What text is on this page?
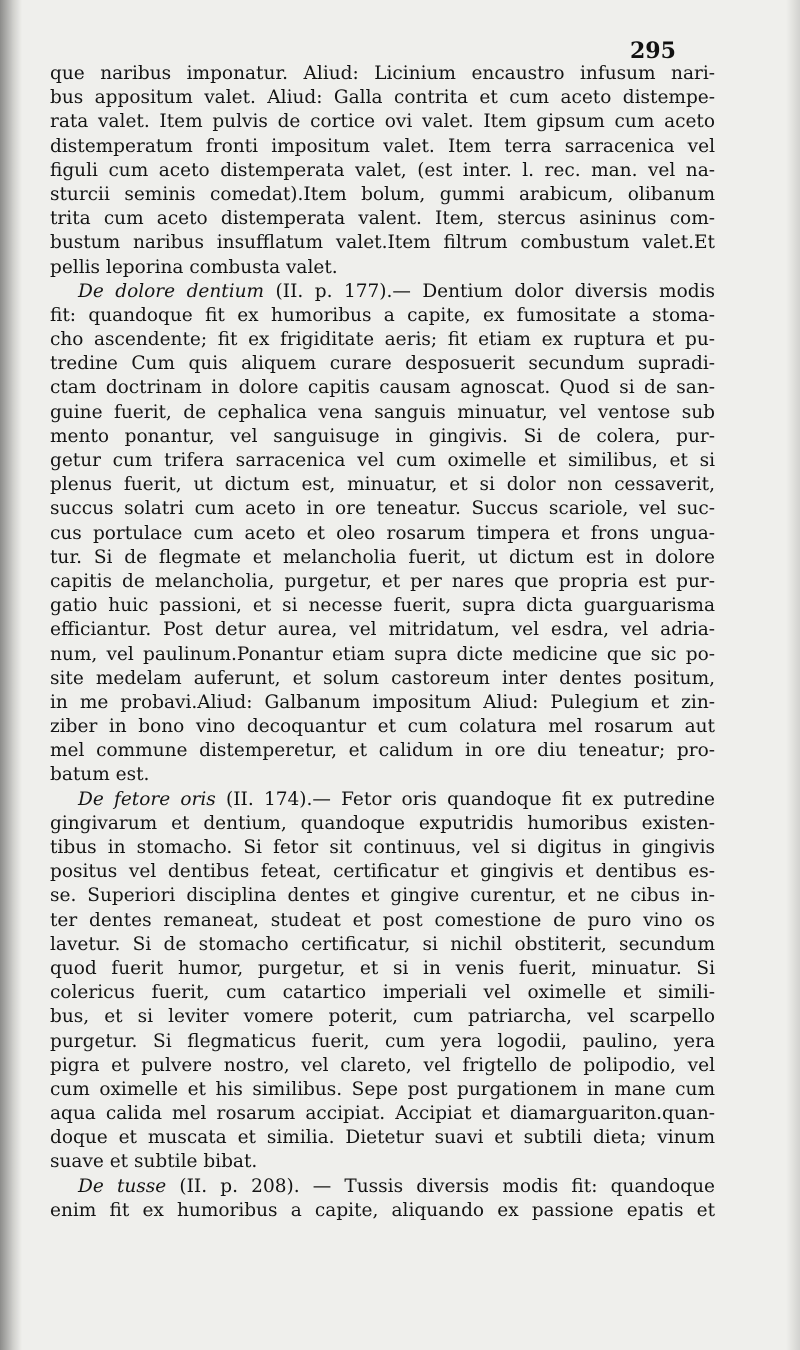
295
que naribus imponatur. Aliud: Licinium encaustro infusum nari-
bus appositum valet. Aliud: Galla contrita et cum aceto distempe-
rata valet. Item pulvis de cortice ovi valet. Item gipsum cum aceto
distemperatum fronti impositum valet. Item terra sarracenica vel
figuli cum aceto distemperata valet, (est inter. l. rec. man. vel na-
sturcii seminis comedat).Item bolum, gummi arabicum, olibanum
trita cum aceto distemperata valent. Item, stercus asininus com-
bustum naribus insufflatum valet.Item filtrum combustum valet.Et
pellis leporina combusta valet.
De dolore dentium (II. p. 177).— Dentium dolor diversis modis
fit: quandoque fit ex humoribus a capite, ex fumositate a stoma-
cho ascendente; fit ex frigiditate aeris; fit etiam ex ruptura et pu-
tredine Cum quis aliquem curare desposuerit secundum supradi-
ctam doctrinam in dolore capitis causam agnoscat. Quod si de san-
guine fuerit, de cephalica vena sanguis minuatur, vel ventose sub
mento ponantur, vel sanguisuge in gingivis. Si de colera, pur-
getur cum trifera sarracenica vel cum oximelle et similibus, et si
plenus fuerit, ut dictum est, minuatur, et si dolor non cessaverit,
succus solatri cum aceto in ore teneatur. Succus scariole, vel suc-
cus portulace cum aceto et oleo rosarum timpera et frons ungua-
tur. Si de flegmate et melancholia fuerit, ut dictum est in dolore
capitis de melancholia, purgetur, et per nares que propria est pur-
gatio huic passioni, et si necesse fuerit, supra dicta guarguarisma
efficiantur. Post detur aurea, vel mitridatum, vel esdra, vel adria-
num, vel paulinum.Ponantur etiam supra dicte medicine que sic po-
site medelam auferunt, et solum castoreum inter dentes positum,
in me probavi.Aliud: Galbanum impositum Aliud: Pulegium et zin-
ziber in bono vino decoquantur et cum colatura mel rosarum aut
mel commune distemperetur, et calidum in ore diu teneatur; pro-
batum est.
De fetore oris (II. 174).— Fetor oris quandoque fit ex putredine
gingivarum et dentium, quandoque exputridis humoribus existen-
tibus in stomacho. Si fetor sit continuus, vel si digitus in gingivis
positus vel dentibus feteat, certificatur et gingivis et dentibus es-
se. Superiori disciplina dentes et gingive curentur, et ne cibus in-
ter dentes remaneat, studeat et post comestione de puro vino os
lavetur. Si de stomacho certificatur, si nichil obstiterit, secundum
quod fuerit humor, purgetur, et si in venis fuerit, minuatur. Si
colericus fuerit, cum catartico imperiali vel oximelle et simili-
bus, et si leviter vomere poterit, cum patriarcha, vel scarpello
purgetur. Si flegmaticus fuerit, cum yera logodii, paulino, yera
pigra et pulvere nostro, vel clareto, vel frigtello de polipodio, vel
cum oximelle et his similibus. Sepe post purgationem in mane cum
aqua calida mel rosarum accipiat. Accipiat et diamarguariton.quan-
doque et muscata et similia. Dietetur suavi et subtili dieta; vinum
suave et subtile bibat.
De tusse (II. p. 208). — Tussis diversis modis fit: quandoque
enim fit ex humoribus a capite, aliquando ex passione epatis et
